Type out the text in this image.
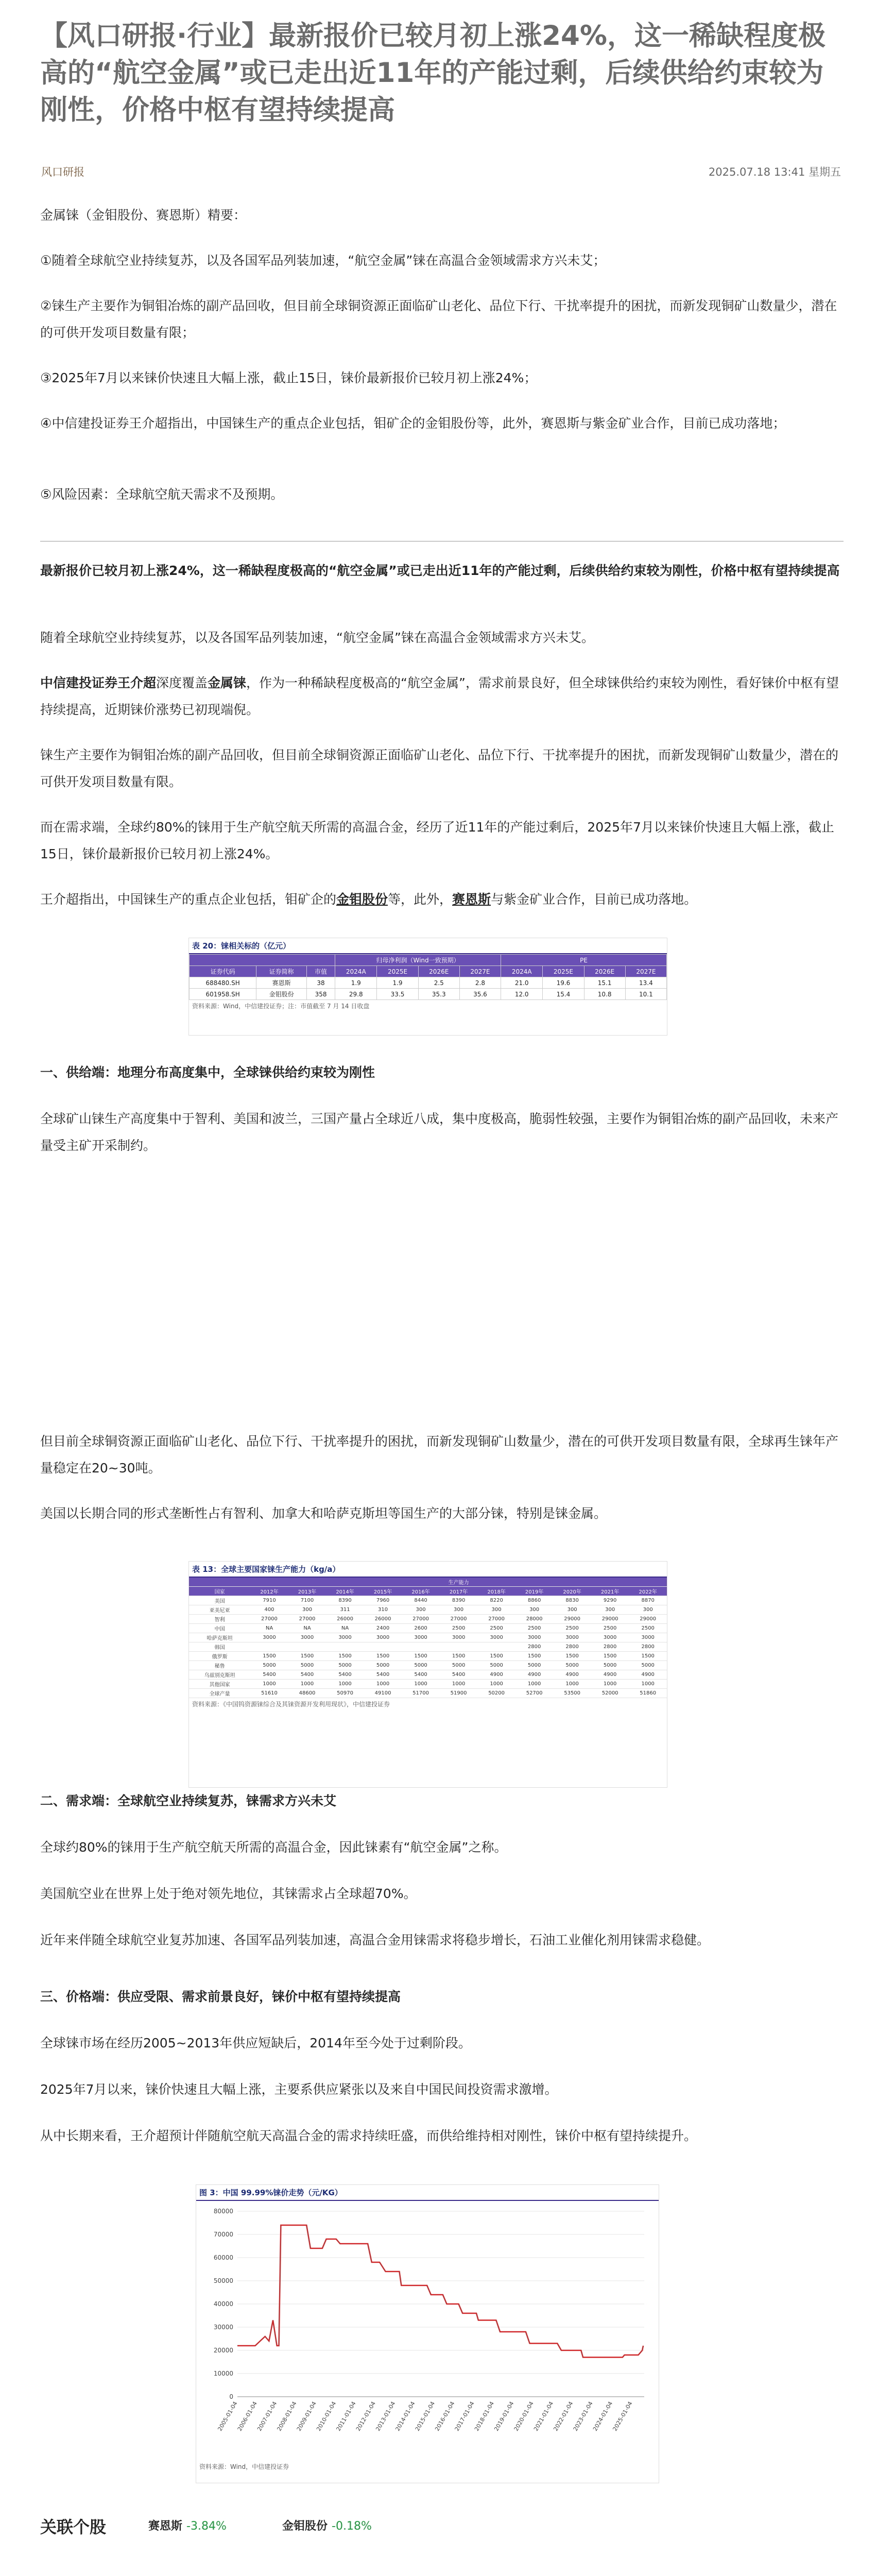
【风口研报·行业】最新报价已较月初上涨24%，这一稀缺程度极高的“航空金属”或已走出近11年的产能过剩，后续供给约束较为刚性，价格中枢有望持续提高
风口研报	2025.07.18 13:41 星期五
金属铼（金钼股份、赛恩斯）精要：
①随着全球航空业持续复苏，以及各国军品列装加速，“航空金属”铼在高温合金领域需求方兴未艾；
②铼生产主要作为铜钼冶炼的副产品回收，但目前全球铜资源正面临矿山老化、品位下行、干扰率提升的困扰，而新发现铜矿山数量少，潜在的可供开发项目数量有限；
③2025年7月以来铼价快速且大幅上涨，截止15日，铼价最新报价已较月初上涨24%；
④中信建投证券王介超指出，中国铼生产的重点企业包括，钼矿企的金钼股份等，此外，赛恩斯与紫金矿业合作，目前已成功落地；
⑤风险因素：全球航空航天需求不及预期。
最新报价已较月初上涨24%，这一稀缺程度极高的“航空金属”或已走出近11年的产能过剩，后续供给约束较为刚性，价格中枢有望持续提高
随着全球航空业持续复苏，以及各国军品列装加速，“航空金属”铼在高温合金领域需求方兴未艾。
中信建投证券王介超深度覆盖金属铼，作为一种稀缺程度极高的“航空金属”，需求前景良好，但全球铼供给约束较为刚性，看好铼价中枢有望持续提高，近期铼价涨势已初现端倪。
铼生产主要作为铜钼冶炼的副产品回收，但目前全球铜资源正面临矿山老化、品位下行、干扰率提升的困扰，而新发现铜矿山数量少，潜在的可供开发项目数量有限。
而在需求端，全球约80%的铼用于生产航空航天所需的高温合金，经历了近11年的产能过剩后，2025年7月以来铼价快速且大幅上涨，截止15日，铼价最新报价已较月初上涨24%。
王介超指出，中国铼生产的重点企业包括，钼矿企的金钼股份等，此外，赛恩斯与紫金矿业合作，目前已成功落地。
表 20：铼相关标的（亿元）
			归母净利润（Wind一致预期）				PE			
证券代码	证券简称	市值	2024A	2025E	2026E	2027E	2024A	2025E	2026E	2027E
688480.SH	赛恩斯	38	1.9	1.9	2.5	2.8	21.0	19.6	15.1	13.4
601958.SH	金钼股份	358	29.8	33.5	35.3	35.6	12.0	15.4	10.8	10.1
资料来源：Wind，中信建投证券；注：市值截至 7 月 14 日收盘
一、供给端：地理分布高度集中，全球铼供给约束较为刚性
全球矿山铼生产高度集中于智利、美国和波兰，三国产量占全球近八成，集中度极高，脆弱性较强，主要作为铜钼冶炼的副产品回收，未来产量受主矿开采制约。
但目前全球铜资源正面临矿山老化、品位下行、干扰率提升的困扰，而新发现铜矿山数量少，潜在的可供开发项目数量有限，全球再生铼年产量稳定在20~30吨。
美国以长期合同的形式垄断性占有智利、加拿大和哈萨克斯坦等国生产的大部分铼，特别是铼金属。
表 13：全球主要国家铼生产能力（kg/a）
	生产能力										
国家	2012年	2013年	2014年	2015年	2016年	2017年	2018年	2019年	2020年	2021年	2022年
美国	7910	7100	8390	7960	8440	8390	8220	8860	8830	9290	8870
亚美尼亚	400	300	311	310	300	300	300	300	300	300	300
智利	27000	27000	26000	26000	27000	27000	27000	28000	29000	29000	29000
中国	NA	NA	NA	2400	2600	2500	2500	2500	2500	2500	2500
哈萨克斯坦	3000	3000	3000	3000	3000	3000	3000	3000	3000	3000	3000
韩国								2800	2800	2800	2800
俄罗斯	1500	1500	1500	1500	1500	1500	1500	1500	1500	1500	1500
秘鲁	5000	5000	5000	5000	5000	5000	5000	5000	5000	5000	5000
乌兹别克斯坦	5400	5400	5400	5400	5400	5400	4900	4900	4900	4900	4900
其他国家	1000	1000	1000	1000	1000	1000	1000	1000	1000	1000	1000
全球产量	51610	48600	50970	49100	51700	51900	50200	52700	53500	52000	51860
资料来源：《中国钨资源铼综合及其铼资源开发利用现状》，中信建投证券
二、需求端：全球航空业持续复苏，铼需求方兴未艾
全球约80%的铼用于生产航空航天所需的高温合金，因此铼素有“航空金属”之称。
美国航空业在世界上处于绝对领先地位，其铼需求占全球超70%。
近年来伴随全球航空业复苏加速、各国军品列装加速，高温合金用铼需求将稳步增长，石油工业催化剂用铼需求稳健。
三、价格端：供应受限、需求前景良好，铼价中枢有望持续提高
全球铼市场在经历2005~2013年供应短缺后，2014年至今处于过剩阶段。
2025年7月以来，铼价快速且大幅上涨，主要系供应紧张以及来自中国民间投资需求激增。
从中长期来看，王介超预计伴随航空航天高温合金的需求持续旺盛，而供给维持相对刚性，铼价中枢有望持续提升。
图 3：中国 99.99%铼价走势（元/KG）
0
10000
20000
30000
40000
50000
60000
70000
80000
2005-01-04
2006-01-04
2007-01-04
2008-01-04
2009-01-04
2010-01-04
2011-01-04
2012-01-04
2013-01-04
2014-01-04
2015-01-04
2016-01-04
2017-01-04
2018-01-04
2019-01-04
2020-01-04
2021-01-04
2022-01-04
2023-01-04
2024-01-04
2025-01-04
资料来源：Wind，中信建投证券
关联个股	赛恩斯 -3.84%	金钼股份 -0.18%
